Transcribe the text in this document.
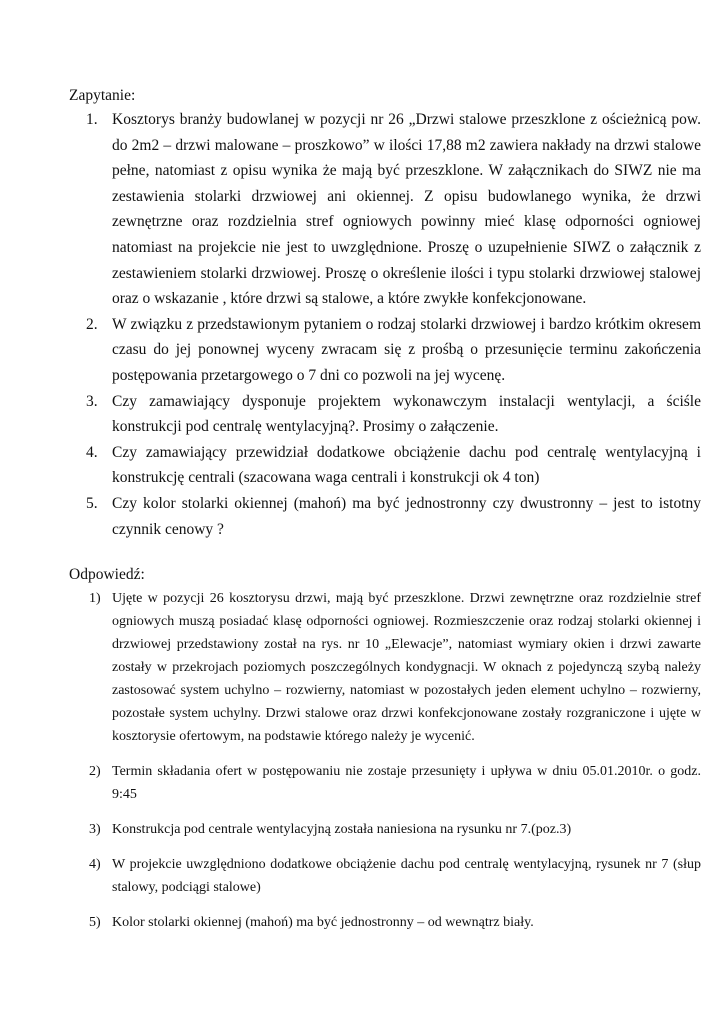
Zapytanie:

1. Kosztorys branży budowlanej w pozycji nr 26 „Drzwi stalowe przeszklone z ościeżnicą pow. do 2m2 – drzwi malowane – proszkowo” w ilości 17,88 m2 zawiera nakłady na drzwi stalowe pełne, natomiast z opisu wynika że mają być przeszklone. W załącznikach do SIWZ nie ma zestawienia stolarki drzwiowej ani okiennej. Z opisu budowlanego wynika, że drzwi zewnętrzne oraz rozdzielnia stref ogniowych powinny mieć klasę odporności ogniowej natomiast na projekcie nie jest to uwzględnione. Proszę o uzupełnienie SIWZ o załącznik z zestawieniem stolarki drzwiowej. Proszę o określenie ilości i typu stolarki drzwiowej stalowej oraz o wskazanie , które drzwi są stalowe, a które zwykłe konfekcjonowane.
2. W związku z przedstawionym pytaniem o rodzaj stolarki drzwiowej i bardzo krótkim okresem czasu do jej ponownej wyceny zwracam się z prośbą o przesunięcie terminu zakończenia postępowania przetargowego o 7 dni co pozwoli na jej wycenę.
3. Czy zamawiający dysponuje projektem wykonawczym instalacji wentylacji, a ściśle konstrukcji pod centralę wentylacyjną?. Prosimy o załączenie.
4. Czy zamawiający przewidział dodatkowe obciążenie dachu pod centralę wentylacyjną i konstrukcję centrali (szacowana waga centrali i konstrukcji ok 4 ton)
5. Czy kolor stolarki okiennej (mahoń) ma być jednostronny czy dwustronny – jest to istotny czynnik cenowy ?

Odpowiedź:

1) Ujęte w pozycji 26 kosztorysu drzwi, mają być przeszklone. Drzwi zewnętrzne oraz rozdzielnie stref ogniowych muszą posiadać klasę odporności ogniowej. Rozmieszczenie oraz rodzaj stolarki okiennej i drzwiowej przedstawiony został na rys. nr 10 „Elewacje”, natomiast wymiary okien i drzwi zawarte zostały w przekrojach poziomych poszczególnych kondygnacji. W oknach z pojedynczą szybą należy zastosować system uchylno – rozwierny, natomiast w pozostałych jeden element uchylno – rozwierny, pozostałe system uchylny. Drzwi stalowe oraz drzwi konfekcjonowane zostały rozgraniczone i ujęte w kosztorysie ofertowym, na podstawie którego należy je wycenić.
2) Termin składania ofert w postępowaniu nie zostaje przesunięty i upływa w dniu 05.01.2010r. o godz. 9:45
3) Konstrukcja pod centrale wentylacyjną została naniesiona na rysunku nr 7.(poz.3)
4) W projekcie uwzględniono dodatkowe obciążenie dachu pod centralę wentylacyjną, rysunek nr 7 (słup stalowy, podciągi stalowe)
5) Kolor stolarki okiennej (mahoń) ma być jednostronny – od wewnątrz biały.
